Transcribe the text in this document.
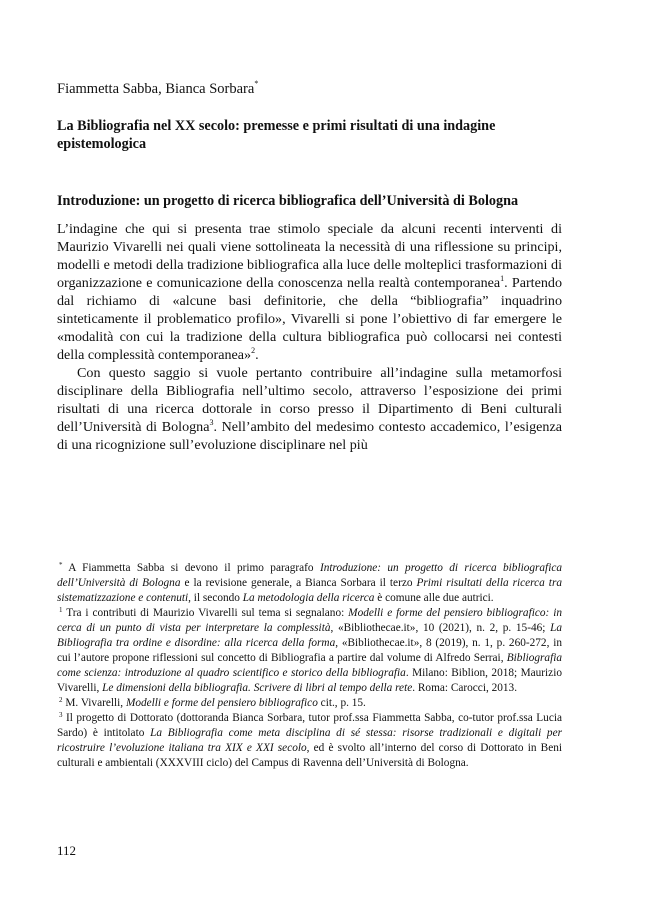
Fiammetta Sabba, Bianca Sorbara*
La Bibliografia nel XX secolo: premesse e primi risultati di una indagine epistemologica
Introduzione: un progetto di ricerca bibliografica dell’Università di Bologna

L’indagine che qui si presenta trae stimolo speciale da alcuni recenti interventi di Maurizio Vivarelli nei quali viene sottolineata la necessità di una riflessione su principi, modelli e metodi della tradizione bibliografica alla luce delle molteplici trasformazioni di organizzazione e comunicazione della conoscenza nella realtà contemporanea$^1$. Partendo dal richiamo di «alcune basi definitorie, che della “bibliografia” inquadrino sinteticamente il problematico profilo», Vivarelli si pone l’obiettivo di far emergere le «modalità con cui la tradizione della cultura bibliografica può collocarsi nei contesti della complessità contemporanea»$^2$.

Con questo saggio si vuole pertanto contribuire all’indagine sulla metamorfosi disciplinare della Bibliografia nell’ultimo secolo, attraverso l’esposizione dei primi risultati di una ricerca dottorale in corso presso il Dipartimento di Beni culturali dell’Università di Bologna$^3$. Nell’ambito del medesimo contesto accademico, l’esigenza di una ricognizione sull’evoluzione disciplinare nel più

* A Fiammetta Sabba si devono il primo paragrafo Introduzione: un progetto di ricerca bibliografica dell’Università di Bologna e la revisione generale, a Bianca Sorbara il terzo Primi risultati della ricerca tra sistematizzazione e contenuti, il secondo La metodologia della ricerca è comune alle due autrici.

$^1$ Tra i contributi di Maurizio Vivarelli sul tema si segnalano: Modelli e forme del pensiero bibliografico: in cerca di un punto di vista per interpretare la complessità, «Bibliothecae.it», 10 (2021), n. 2, p. 15-46; La Bibliografia tra ordine e disordine: alla ricerca della forma, «Bibliothecae.it», 8 (2019), n. 1, p. 260-272, in cui l’autore propone riflessioni sul concetto di Bibliografia a partire dal volume di Alfredo Serrai, Bibliografia come scienza: introduzione al quadro scientifico e storico della bibliografia. Milano: Biblion, 2018; Maurizio Vivarelli, Le dimensioni della bibliografia. Scrivere di libri al tempo della rete. Roma: Carocci, 2013.

$^2$ M. Vivarelli, Modelli e forme del pensiero bibliografico cit., p. 15.

$^3$ Il progetto di Dottorato (dottoranda Bianca Sorbara, tutor prof.ssa Fiammetta Sabba, co-tutor prof.ssa Lucia Sardo) è intitolato La Bibliografia come meta disciplina di sé stessa: risorse tradizionali e digitali per ricostruire l’evoluzione italiana tra XIX e XXI secolo, ed è svolto all’interno del corso di Dottorato in Beni culturali e ambientali (XXXVIII ciclo) del Campus di Ravenna dell’Università di Bologna.

112
